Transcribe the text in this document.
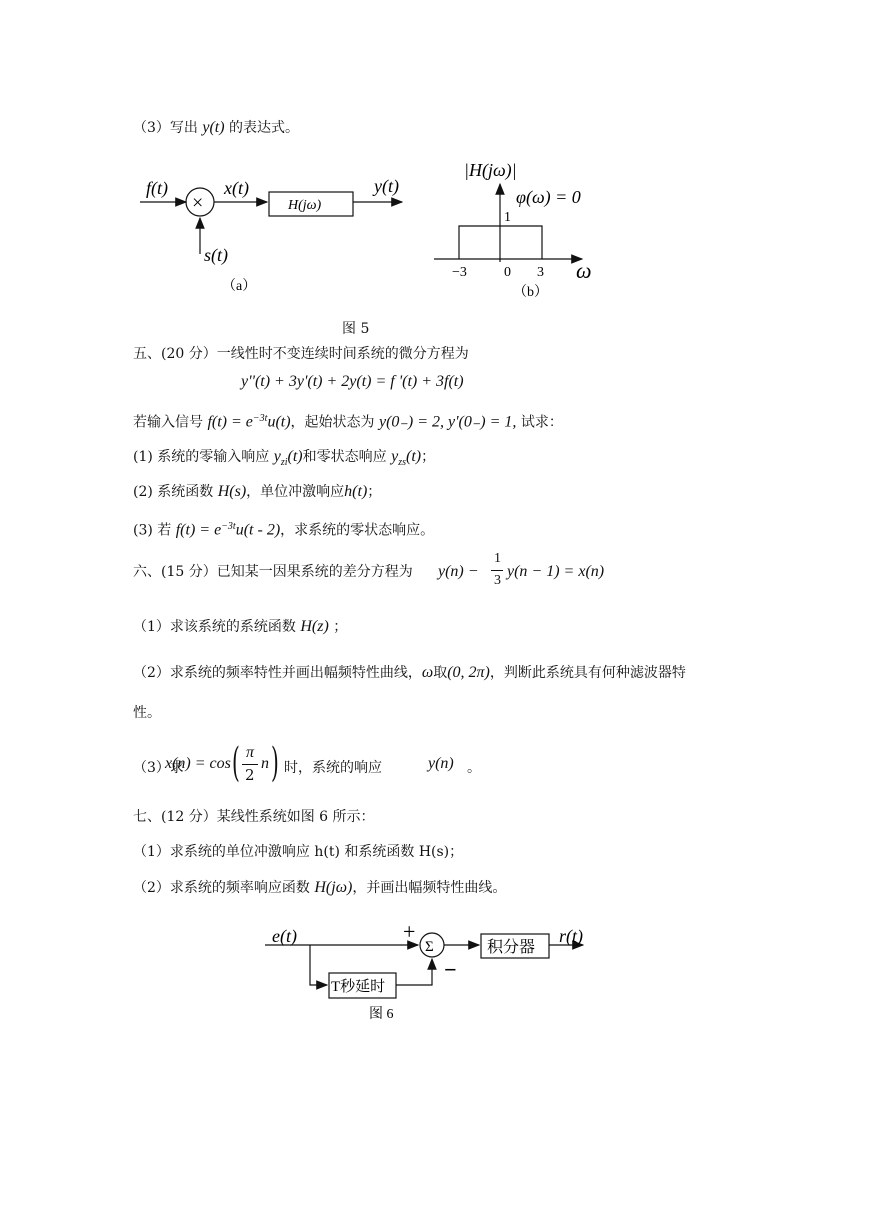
（3）写出 y(t) 的表达式。
f(t)
×
x(t)
H(jω)
y(t)
s(t)
（a）
|H(jω)|
φ(ω) = 0
1
−3	0 3 ω
（b）
图 5
五、(20 分）一线性时不变连续时间系统的微分方程为
y''(t) + 3y'(t) + 2y(t) = f '(t) + 3f(t)
若输入信号 $f(t) = e^{-3t}u(t)$，起始状态为 y(0₋) = 2, y'(0₋) = 1, 试求：
(1) 系统的零输入响应 $y_{zi}(t)$和零状态响应 $y_{zs}(t)$；
(2) 系统函数 H(s)，单位冲激响应h(t)；
(3) 若 $f(t) = e^{-3t}u(t - 2)$，求系统的零状态响应。
六、(15 分）已知某一因果系统的差分方程为 y(n) −
1
3
y(n − 1) = x(n)
（1）求该系统的系统函数 H(z) ；
（2）求系统的频率特性并画出幅频特性曲线，ω取(0, 2π)，判断此系统具有何种滤波器特
性。
（3）求
x(n) = cos ( π
2
n ) 时，系统的响应	y(n) 。
七、(12 分）某线性系统如图 6 所示：
（1）求系统的单位冲激响应 h(t) 和系统函数 H(s)；
（2）求系统的频率响应函数 H(jω)，并画出幅频特性曲线。
e(t)	+
Σ	积分器
r(t)
T秒延时
−
图 6
